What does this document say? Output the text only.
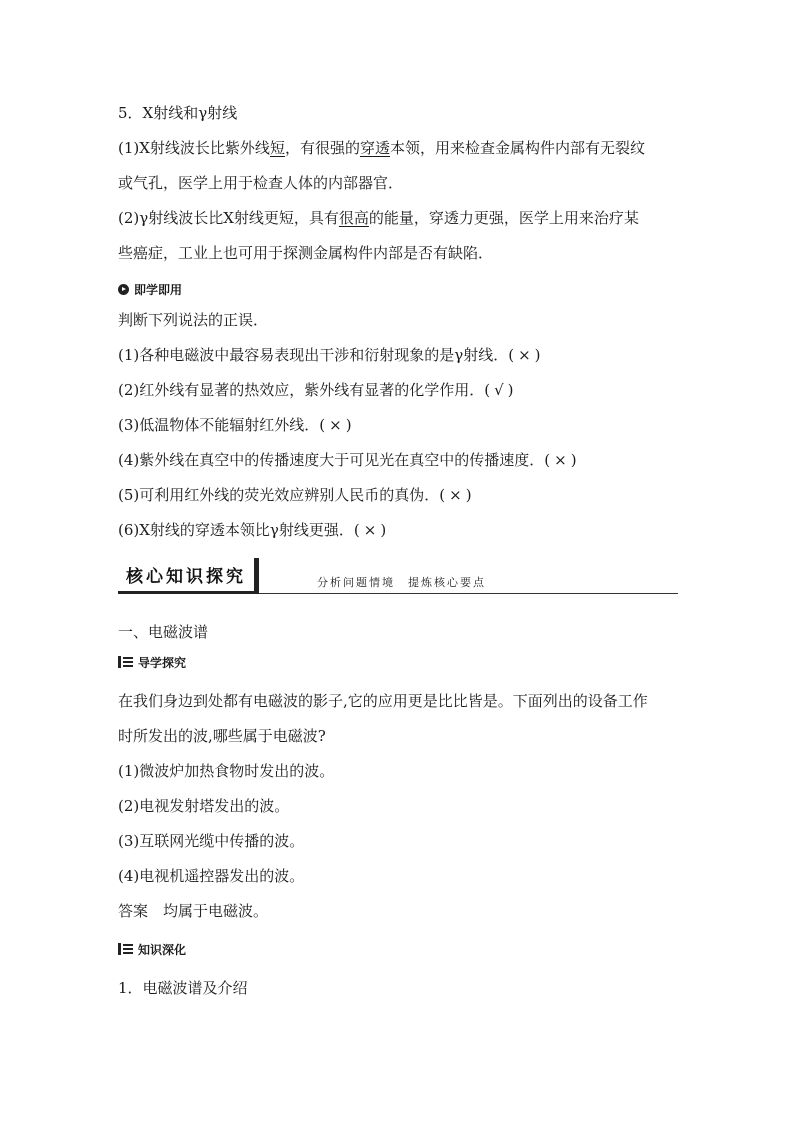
5．X射线和γ射线
(1)X射线波长比紫外线短，有很强的穿透本领，用来检查金属构件内部有无裂纹
或气孔，医学上用于检查人体的内部器官．
(2)γ射线波长比X射线更短，具有很高的能量，穿透力更强，医学上用来治疗某
些癌症，工业上也可用于探测金属构件内部是否有缺陷．
即学即用
判断下列说法的正误．
(1)各种电磁波中最容易表现出干涉和衍射现象的是γ射线．( × )
(2)红外线有显著的热效应，紫外线有显著的化学作用．( √ )
(3)低温物体不能辐射红外线．( × )
(4)紫外线在真空中的传播速度大于可见光在真空中的传播速度．( × )
(5)可利用红外线的荧光效应辨别人民币的真伪．( × )
(6)X射线的穿透本领比γ射线更强．( × )
核心知识探究	分析问题情境　提炼核心要点
一、电磁波谱
导学探究
在我们身边到处都有电磁波的影子,它的应用更是比比皆是。下面列出的设备工作
时所发出的波,哪些属于电磁波?
(1)微波炉加热食物时发出的波。
(2)电视发射塔发出的波。
(3)互联网光缆中传播的波。
(4)电视机遥控器发出的波。
答案　均属于电磁波。
知识深化
1．电磁波谱及介绍
